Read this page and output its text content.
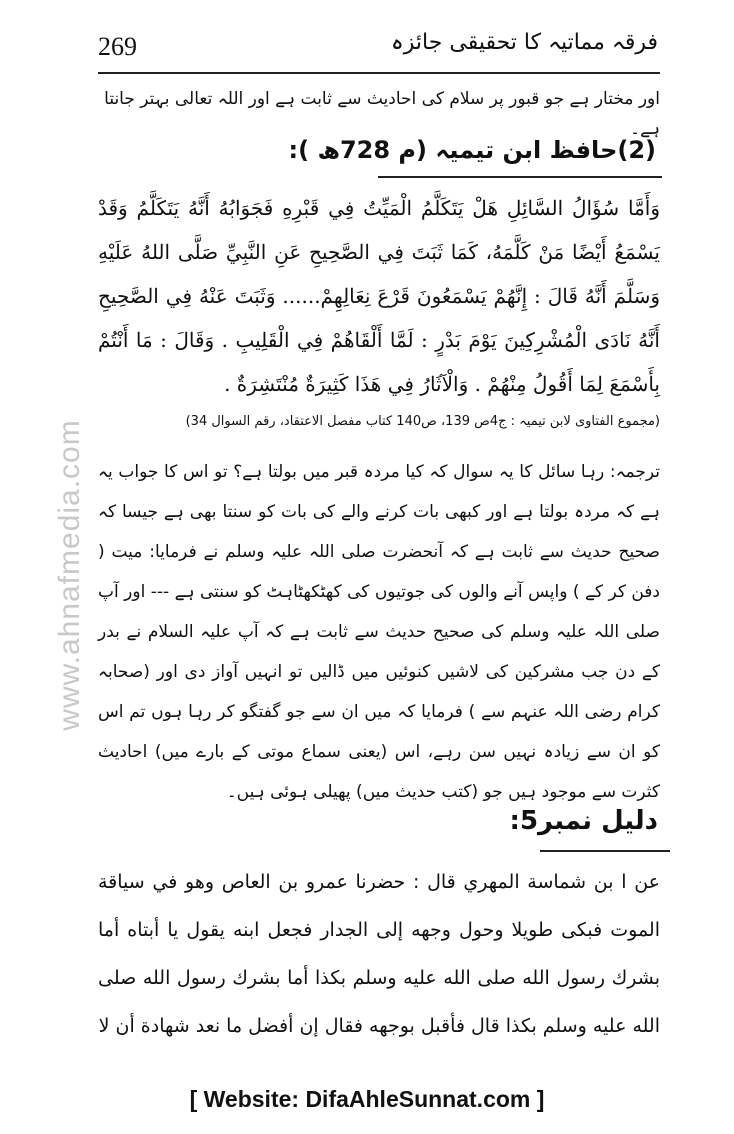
www.ahnafmedia.com
269	فرقہ مماتیہ کا تحقیقی جائزہ
اور مختار ہے جو قبور پر سلام کی احادیث سے ثابت ہے اور اللہ تعالی بہتر جانتا ہے۔
(2)حافظ ابن تیمیہ (م 728ھ ):
وَأَمَّا سُؤَالُ السَّائِلِ هَلْ يَتَكَلَّمُ الْمَيِّتُ فِي قَبْرِهِ فَجَوَابُهُ أَنَّهُ يَتَكَلَّمُ وَقَدْ يَسْمَعُ أَيْضًا مَنْ كَلَّمَهُ، كَمَا ثَبَتَ فِي الصَّحِيحِ عَنِ النَّبِيِّ صَلَّى اللهُ عَلَيْهِ وَسَلَّمَ أَنَّهُ قَالَ : إِنَّهُمْ يَسْمَعُونَ قَرْعَ نِعَالِهِمْ...... وَثَبَتَ عَنْهُ فِي الصَّحِيحِ أَنَّهُ نَادَى الْمُشْرِكِينَ يَوْمَ بَدْرٍ : لَمَّا أَلْقَاهُمْ فِي الْقَلِيبِ . وَقَالَ : مَا أَنْتُمْ بِأَسْمَعَ لِمَا أَقُولُ مِنْهُمْ . وَالْآثَارُ فِي هَذَا كَثِيرَةٌ مُنْتَشِرَةٌ .
(مجموع الفتاوی لابن تیمیہ : ج4ص 139، ص140 کتاب مفصل الاعتقاد، رقم السوال 34)
ترجمہ: رہا سائل کا یہ سوال کہ کیا مردہ قبر میں بولتا ہے؟ تو اس کا جواب یہ ہے کہ مردہ بولتا ہے اور کبھی بات کرنے والے کی بات کو سنتا بھی ہے جیسا کہ صحیح حدیث سے ثابت ہے کہ آنحضرت صلی اللہ علیہ وسلم نے فرمایا: میت ( دفن کر کے ) واپس آنے والوں کی جوتیوں کی کھٹکھٹاہٹ کو سنتی ہے --- اور آپ صلی اللہ علیہ وسلم کی صحیح حدیث سے ثابت ہے کہ آپ علیہ السلام نے بدر کے دن جب مشرکین کی لاشیں کنوئیں میں ڈالیں تو انہیں آواز دی اور (صحابہ کرام رضی اللہ عنہم سے ) فرمایا کہ میں ان سے جو گفتگو کر رہا ہوں تم اس کو ان سے زیادہ نہیں سن رہے، اس (یعنی سماع موتی کے بارے میں) احادیث کثرت سے موجود ہیں جو (کتب حدیث میں) پھیلی ہوئی ہیں۔
دلیل نمبر5:
عن ا بن شماسة المهري قال : حضرنا عمرو بن العاص وهو في سياقة الموت فبكى طويلا وحول وجهه إلى الجدار فجعل ابنه يقول يا أبتاه أما بشرك رسول الله صلى الله عليه وسلم بكذا أما بشرك رسول الله صلى الله عليه وسلم بكذا قال فأقبل بوجهه فقال إن أفضل ما نعد شهادة أن لا
[ Website: DifaAhleSunnat.com ]
